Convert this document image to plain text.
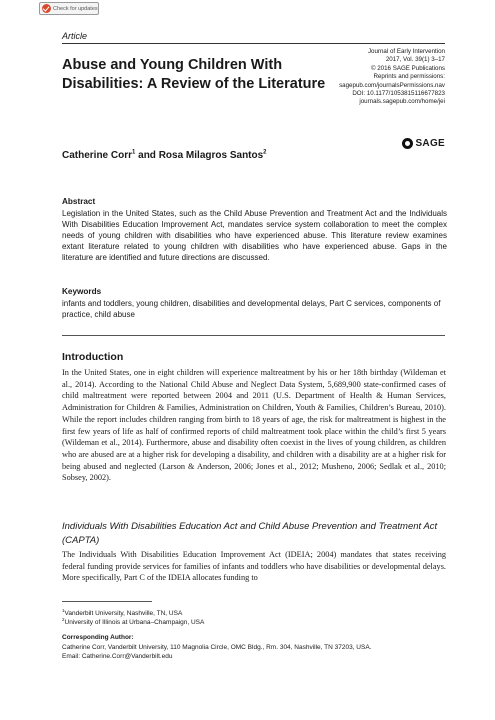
Check for updates
Article
Abuse and Young Children With Disabilities: A Review of the Literature
Journal of Early Intervention
2017, Vol. 39(1) 3–17
© 2016 SAGE Publications
Reprints and permissions:
sagepub.com/journalsPermissions.nav
DOI: 10.1177/1053815116677823
journals.sagepub.com/home/jei
SAGE
Catherine Corr$^1$ and Rosa Milagros Santos$^2$
Abstract

Legislation in the United States, such as the Child Abuse Prevention and Treatment Act and the Individuals With Disabilities Education Improvement Act, mandates service system collaboration to meet the complex needs of young children with disabilities who have experienced abuse. This literature review examines extant literature related to young children with disabilities who have experienced abuse. Gaps in the literature are identified and future directions are discussed.

Keywords

infants and toddlers, young children, disabilities and developmental delays, Part C services, components of practice, child abuse

Introduction

In the United States, one in eight children will experience maltreatment by his or her 18th birthday (Wildeman et al., 2014). According to the National Child Abuse and Neglect Data System, 5,689,900 state-confirmed cases of child maltreatment were reported between 2004 and 2011 (U.S. Department of Health & Human Services, Administration for Children & Families, Administration on Children, Youth & Families, Children’s Bureau, 2010). While the report includes children ranging from birth to 18 years of age, the risk for maltreatment is highest in the first few years of life as half of confirmed reports of child maltreatment took place within the child’s first 5 years (Wildeman et al., 2014). Furthermore, abuse and disability often coexist in the lives of young children, as children who are abused are at a higher risk for developing a disability, and children with a disability are at a higher risk for being abused and neglected (Larson & Anderson, 2006; Jones et al., 2012; Musheno, 2006; Sedlak et al., 2010; Sobsey, 2002).

Individuals With Disabilities Education Act and Child Abuse Prevention and Treatment Act (CAPTA)

The Individuals With Disabilities Education Improvement Act (IDEIA; 2004) mandates that states receiving federal funding provide services for families of infants and toddlers who have disabilities or developmental delays. More specifically, Part C of the IDEIA allocates funding to

$^1$Vanderbilt University, Nashville, TN, USA
$^2$University of Illinois at Urbana–Champaign, USA
Corresponding Author:
Catherine Corr, Vanderbilt University, 110 Magnolia Circle, OMC Bldg., Rm. 304, Nashville, TN 37203, USA.
Email: Catherine.Corr@Vanderbilt.edu
